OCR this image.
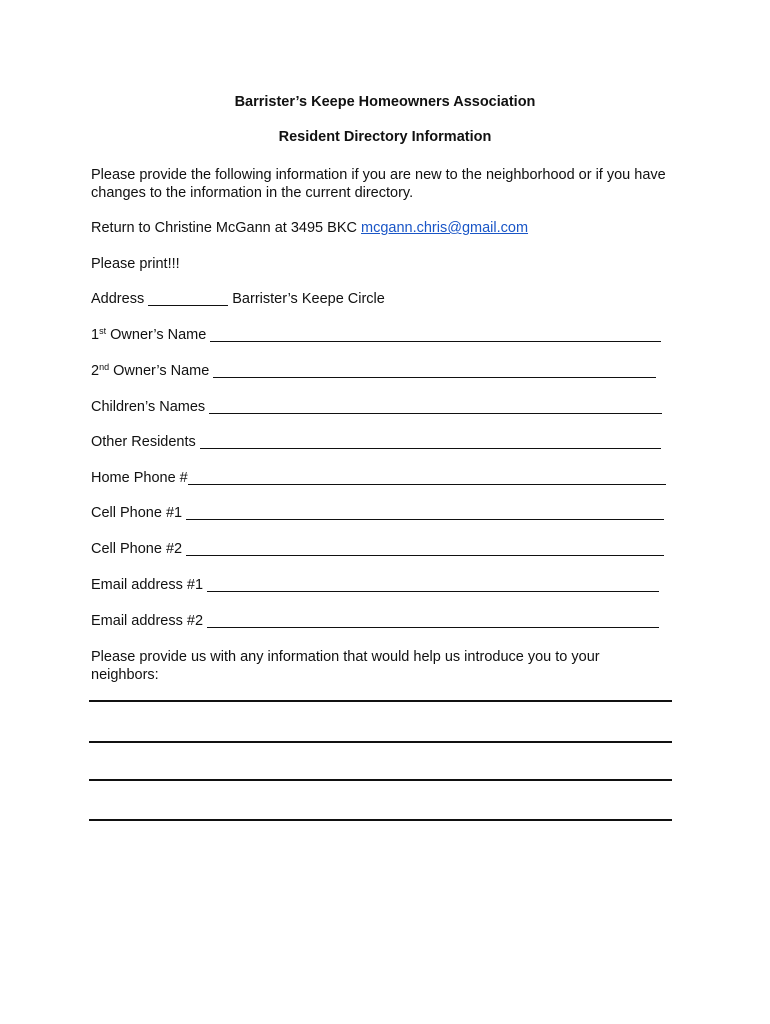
Barrister’s Keepe Homeowners Association
Resident Directory Information
Please provide the following information if you are new to the neighborhood or if you have changes to the information in the current directory.
Return to Christine McGann at 3495 BKC mcgann.chris@gmail.com
Please print!!!
Address	Barrister’s Keepe Circle
1st Owner’s Name
2nd Owner’s Name
Children’s Names
Other Residents
Home Phone #
Cell Phone #1
Cell Phone #2
Email address #1
Email address #2
Please provide us with any information that would help us introduce you to your neighbors:
